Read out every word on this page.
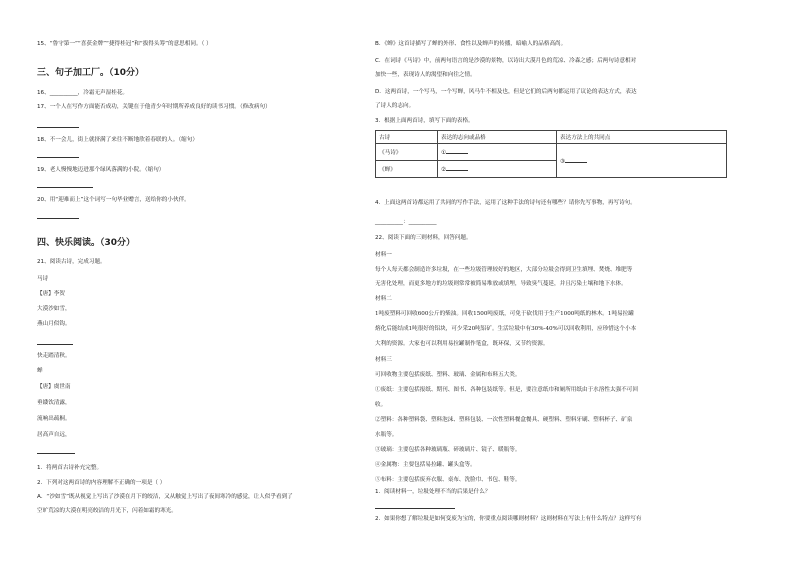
15、“鲁守第一”“喜获金牌”“捷得桂冠”和“拔得头筹”的意思相同。（ ）
三、句子加工厂。（10分）
16、__________，冷霜无声湿桂花。
17、一个人在写作方面能否成功，关键在于他青少年时期所养成良好的读书习惯。（修改病句）
18、不一会儿，街上就挤满了来往不断地欣着春联的人。（缩句）
19、老人慢慢地迈进那个绿风落满的小院。（缩句）
20、用“迎难而上”这个词写一句毕业赠言，送给你的小伙伴。
四、快乐阅读。（30分）
21、阅读古诗，完成习题。
马诗
【唐】李贺
大漠沙如雪，
燕山月似钩。
快走踏清秋。
蝉
【唐】虞世南
垂緌饮清露，
流响出疏桐。
居高声自远，
1．将两首古诗补充完整。
2．下列对这两首诗的内容理解不正确的一项是（ ）
A．“沙如雪”既从视觉上写出了沙漠在月下的皎洁，又从触觉上写出了夜间寒冷的感觉，让人似乎看到了
空旷荒凉的大漠在明亮皎洁的月光下，闪着如霜的寒光。
B．《蝉》这首诗描写了蝉的外形、食性以及蝉声的传播，暗喻人的品格高尚。
C．在词诗《马诗》中，前两句语言的是沙漠的景物，以诗出大漠月色的荒凉、冷森之感；后两句诗意相对
加快一些，表现诗人的渴望和向往之情。
D．这两首诗，一个写马，一个写蝉，风马牛不相及也，但是它们的后两句都运用了议论的表达方式，表达
了诗人的志向。
3．根据上面两首诗，填写下面的表格。
古诗	表达的志向或品格	表达方法上的共同点
《马诗》	①	③
《蝉》	②	
4．上面这两首诗都运用了共同的写作手法，运用了这种手法的诗句还有哪些？请你先写事物，再写诗句。
__________：__________
22、阅读下面的三则材料，回答问题。
材料一
每个人每天都会制造许多垃圾，在一些垃圾管理较好的地区，大部分垃圾会得到卫生填埋、焚烧、堆肥等
无害化处理，而更多地方的垃圾则常常被简易堆放或填埋，导致臭气蔓延，并且污染土壤和地下水体。
材料二
1吨废塑料可回收600公斤的柴油。回收1500吨废纸，可免于砍伐用于生产1000吨纸的林木。1吨易拉罐
熔化后能结成1吨很好的铝块，可少采20吨铝矿。生活垃圾中有30%-40%可以回收利用，应珍惜这个小本
大利的资源。大家也可以利用易拉罐制作笔盒，既环保，又节约资源。
材料三
可回收物主要包括废纸、塑料、玻璃、金属和布料五大类。
①废纸：主要包括报纸、期刊、图书、各种包装纸等。但是，要注意纸巾和厕所用纸由于水溶性太强不可回
收。
②塑料：各种塑料袋、塑料泡沫、塑料包装、一次性塑料餐盒餐具、硬塑料、塑料牙刷、塑料杯子、矿泉
水瓶等。
③玻璃：主要包括各种玻璃瓶、碎玻璃片、镜子、暖瓶等。
④金属物：主要包括易拉罐、罐头盒等。
⑤布料：主要包括废弃衣服、桌布、洗脸巾、书包、鞋等。
1．阅读材料一，垃圾处理不当的后果是什么？
2．如果你想了解垃圾是如何变废为宝的，你要重点阅读哪则材料？这则材料在写法上有什么特点？这样写有
